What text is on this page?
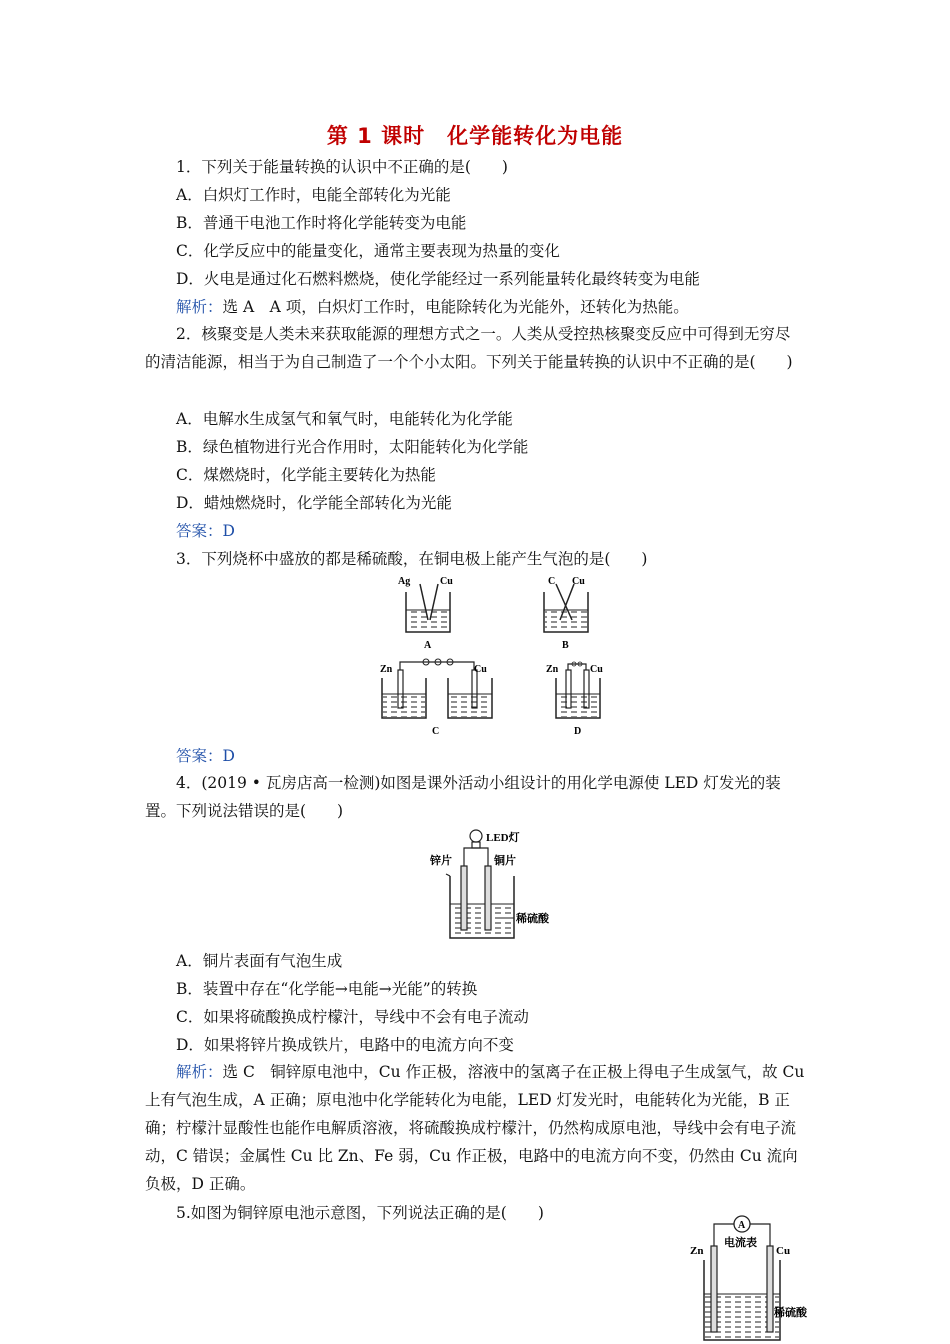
第 1 课时　化学能转化为电能
1．下列关于能量转换的认识中不正确的是(　　)
A．白炽灯工作时，电能全部转化为光能
B．普通干电池工作时将化学能转变为电能
C．化学反应中的能量变化，通常主要表现为热量的变化
D．火电是通过化石燃料燃烧，使化学能经过一系列能量转化最终转变为电能
解析：选 A　A 项，白炽灯工作时，电能除转化为光能外，还转化为热能。
2．核聚变是人类未来获取能源的理想方式之一。人类从受控热核聚变反应中可得到无穷尽的清洁能源，相当于为自己制造了一个个小太阳。下列关于能量转换的认识中不正确的是(　　)
A．电解水生成氢气和氧气时，电能转化为化学能
B．绿色植物进行光合作用时，太阳能转化为化学能
C．煤燃烧时，化学能主要转化为热能
D．蜡烛燃烧时，化学能全部转化为光能
答案：D
3．下列烧杯中盛放的都是稀硫酸，在铜电极上能产生气泡的是(　　)
Ag	Cu
A
C Cu
B
Zn	Cu
C
Zn	Cu
D
答案：D
4．(2019 • 瓦房店高一检测)如图是课外活动小组设计的用化学电源使 LED 灯发光的装置。下列说法错误的是(　　)
LED灯
锌片	铜片
稀硫酸
A．铜片表面有气泡生成
B．装置中存在“化学能→电能→光能”的转换
C．如果将硫酸换成柠檬汁，导线中不会有电子流动
D．如果将锌片换成铁片，电路中的电流方向不变
解析：选 C　铜锌原电池中，Cu 作正极，溶液中的氢离子在正极上得电子生成氢气，故 Cu 上有气泡生成，A 正确；原电池中化学能转化为电能，LED 灯发光时，电能转化为光能，B 正确；柠檬汁显酸性也能作电解质溶液，将硫酸换成柠檬汁，仍然构成原电池，导线中会有电子流动，C 错误；金属性 Cu 比 Zn、Fe 弱，Cu 作正极，电路中的电流方向不变，仍然由 Cu 流向负极，D 正确。
5.如图为铜锌原电池示意图，下列说法正确的是(　　)
A
电流表
Zn	Cu
稀硫酸
